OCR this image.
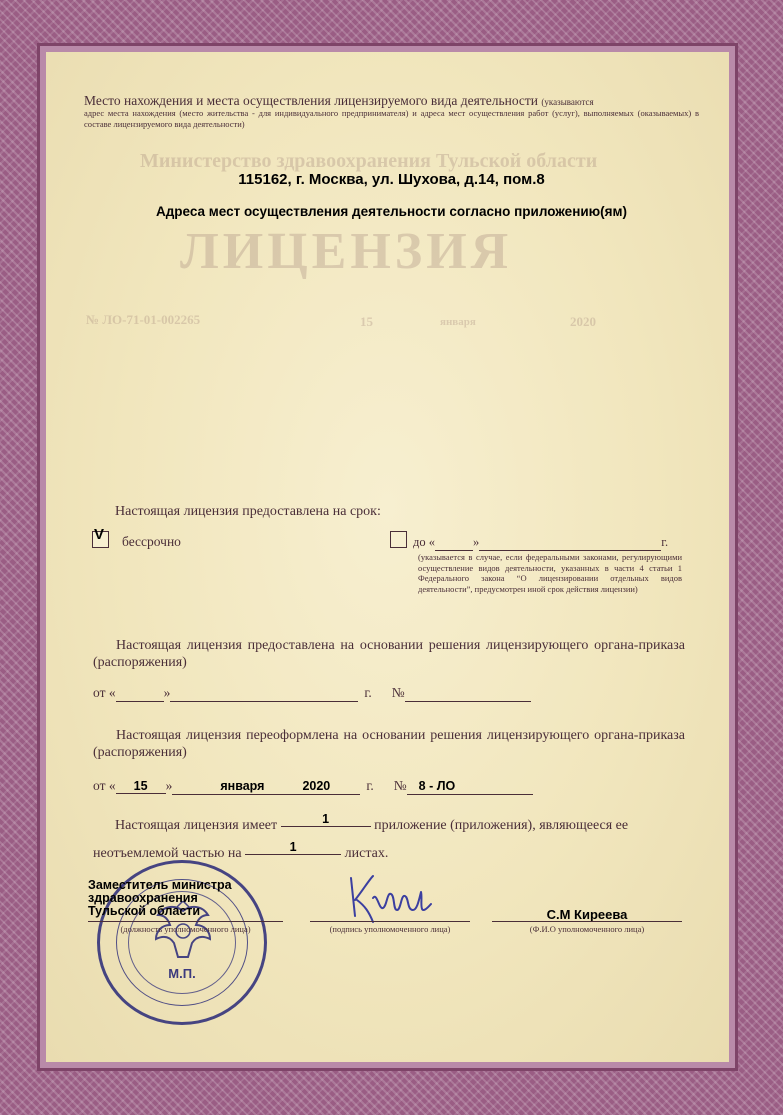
Министерство здравоохранения Тульской области
ЛИЦЕНЗИЯ
№ ЛО-71-01-002265	15	января	2020
Место нахождения и места осуществления лицензируемого вида деятельности (указываются
адрес места нахождения (место жительства - для индивидуального предпринимателя) и адреса мест осуществления работ (услуг), выполняемых (оказываемых) в составе лицензируемого вида деятельности)
115162, г. Москва, ул. Шухова, д.14, пом.8
Адреса мест осуществления деятельности согласно приложению(ям)
Настоящая лицензия предоставлена на срок:
V бессрочно	до «	»	г.
(указывается в случае, если федеральными законами, регулирующими осуществление видов деятельности, указанных в части 4 статьи 1 Федерального закона “О лицензировании отдельных видов деятельности”, предусмотрен иной срок действия лицензии)
Настоящая лицензия предоставлена на основании решения лицензирующего органа-приказа (распоряжения)
от «	»	г. №
Настоящая лицензия переоформлена на основании решения лицензирующего органа-приказа (распоряжения)
от « 15 »	января	2020	г. № 8 - ЛО
Настоящая лицензия имеет	1	приложение (приложения), являющееся ее
неотъемлемой частью на	1	листах.
М.П.
Заместитель министра
здравоохранения
Тульской области
(должность уполномоченного лица)	(подпись уполномоченного лица)
С.М Киреева
(Ф.И.О уполномоченного лица)
